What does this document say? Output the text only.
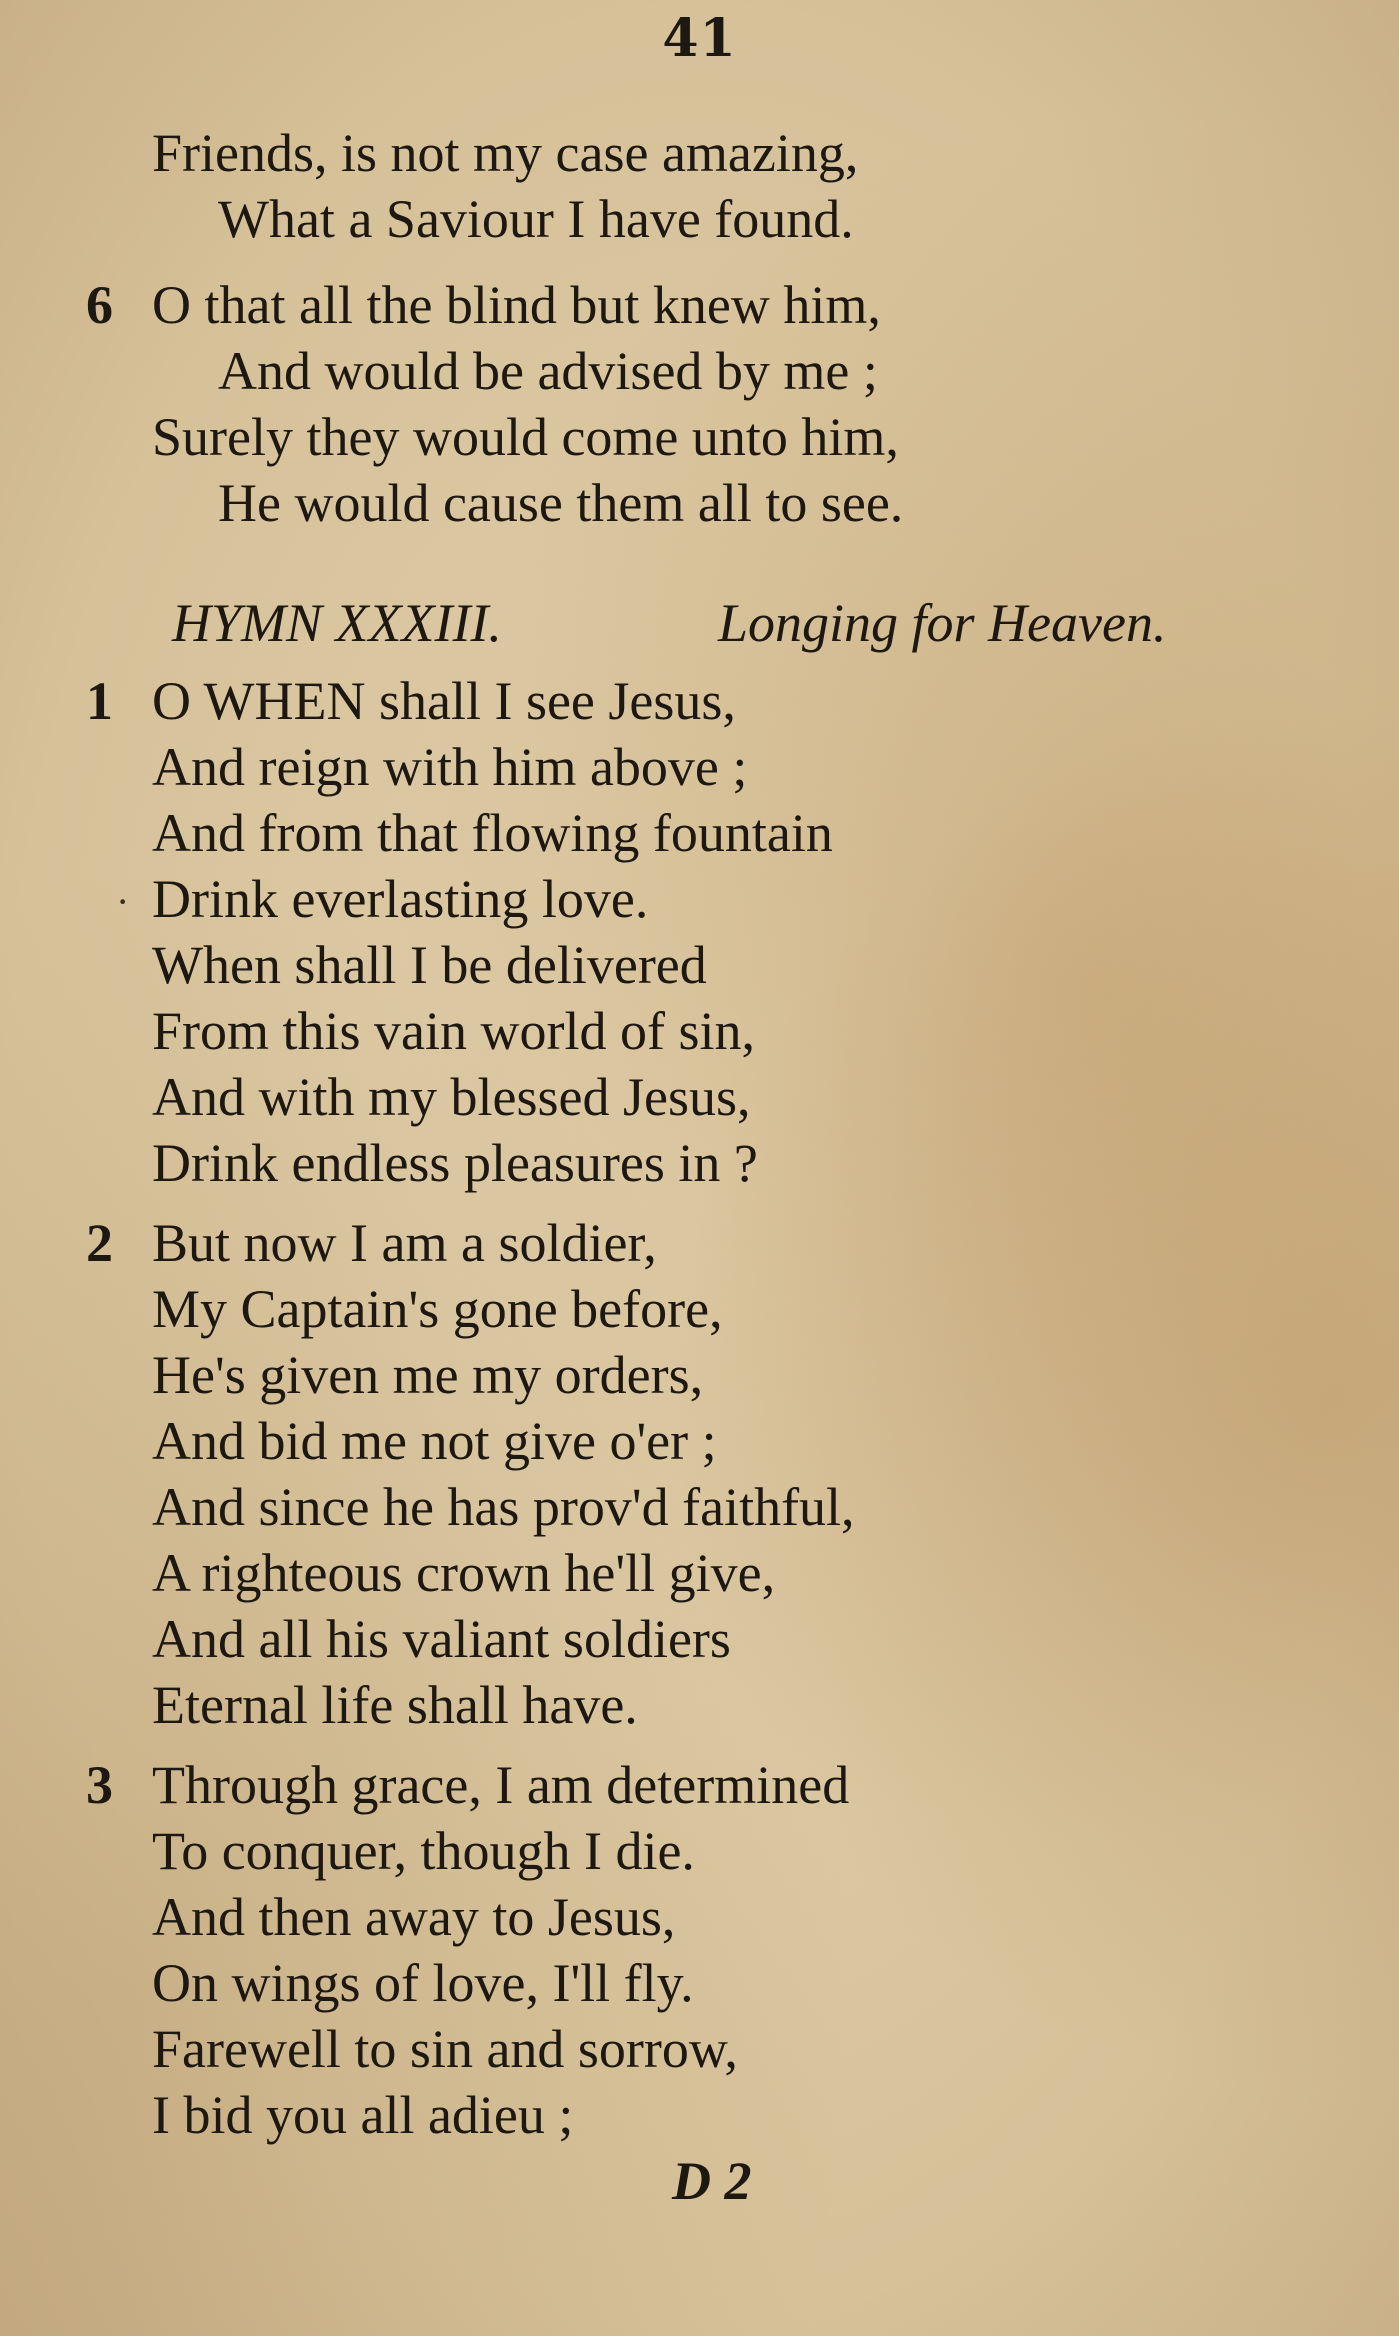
41
Friends, is not my case amazing,
What a Saviour I have found.
6 O that all the blind but knew him,
And would be advised by me ;
Surely they would come unto him,
He would cause them all to see.
HYMN XXXIII.	Longing for Heaven.
1 O WHEN shall I see Jesus,
And reign with him above ;
And from that flowing fountain
· Drink everlasting love.
When shall I be delivered
From this vain world of sin,
And with my blessed Jesus,
Drink endless pleasures in ?
2 But now I am a soldier,
My Captain's gone before,
He's given me my orders,
And bid me not give o'er ;
And since he has prov'd faithful,
A righteous crown he'll give,
And all his valiant soldiers
Eternal life shall have.
3 Through grace, I am determined
To conquer, though I die.
And then away to Jesus,
On wings of love, I'll fly.
Farewell to sin and sorrow,
I bid you all adieu ;
D 2
